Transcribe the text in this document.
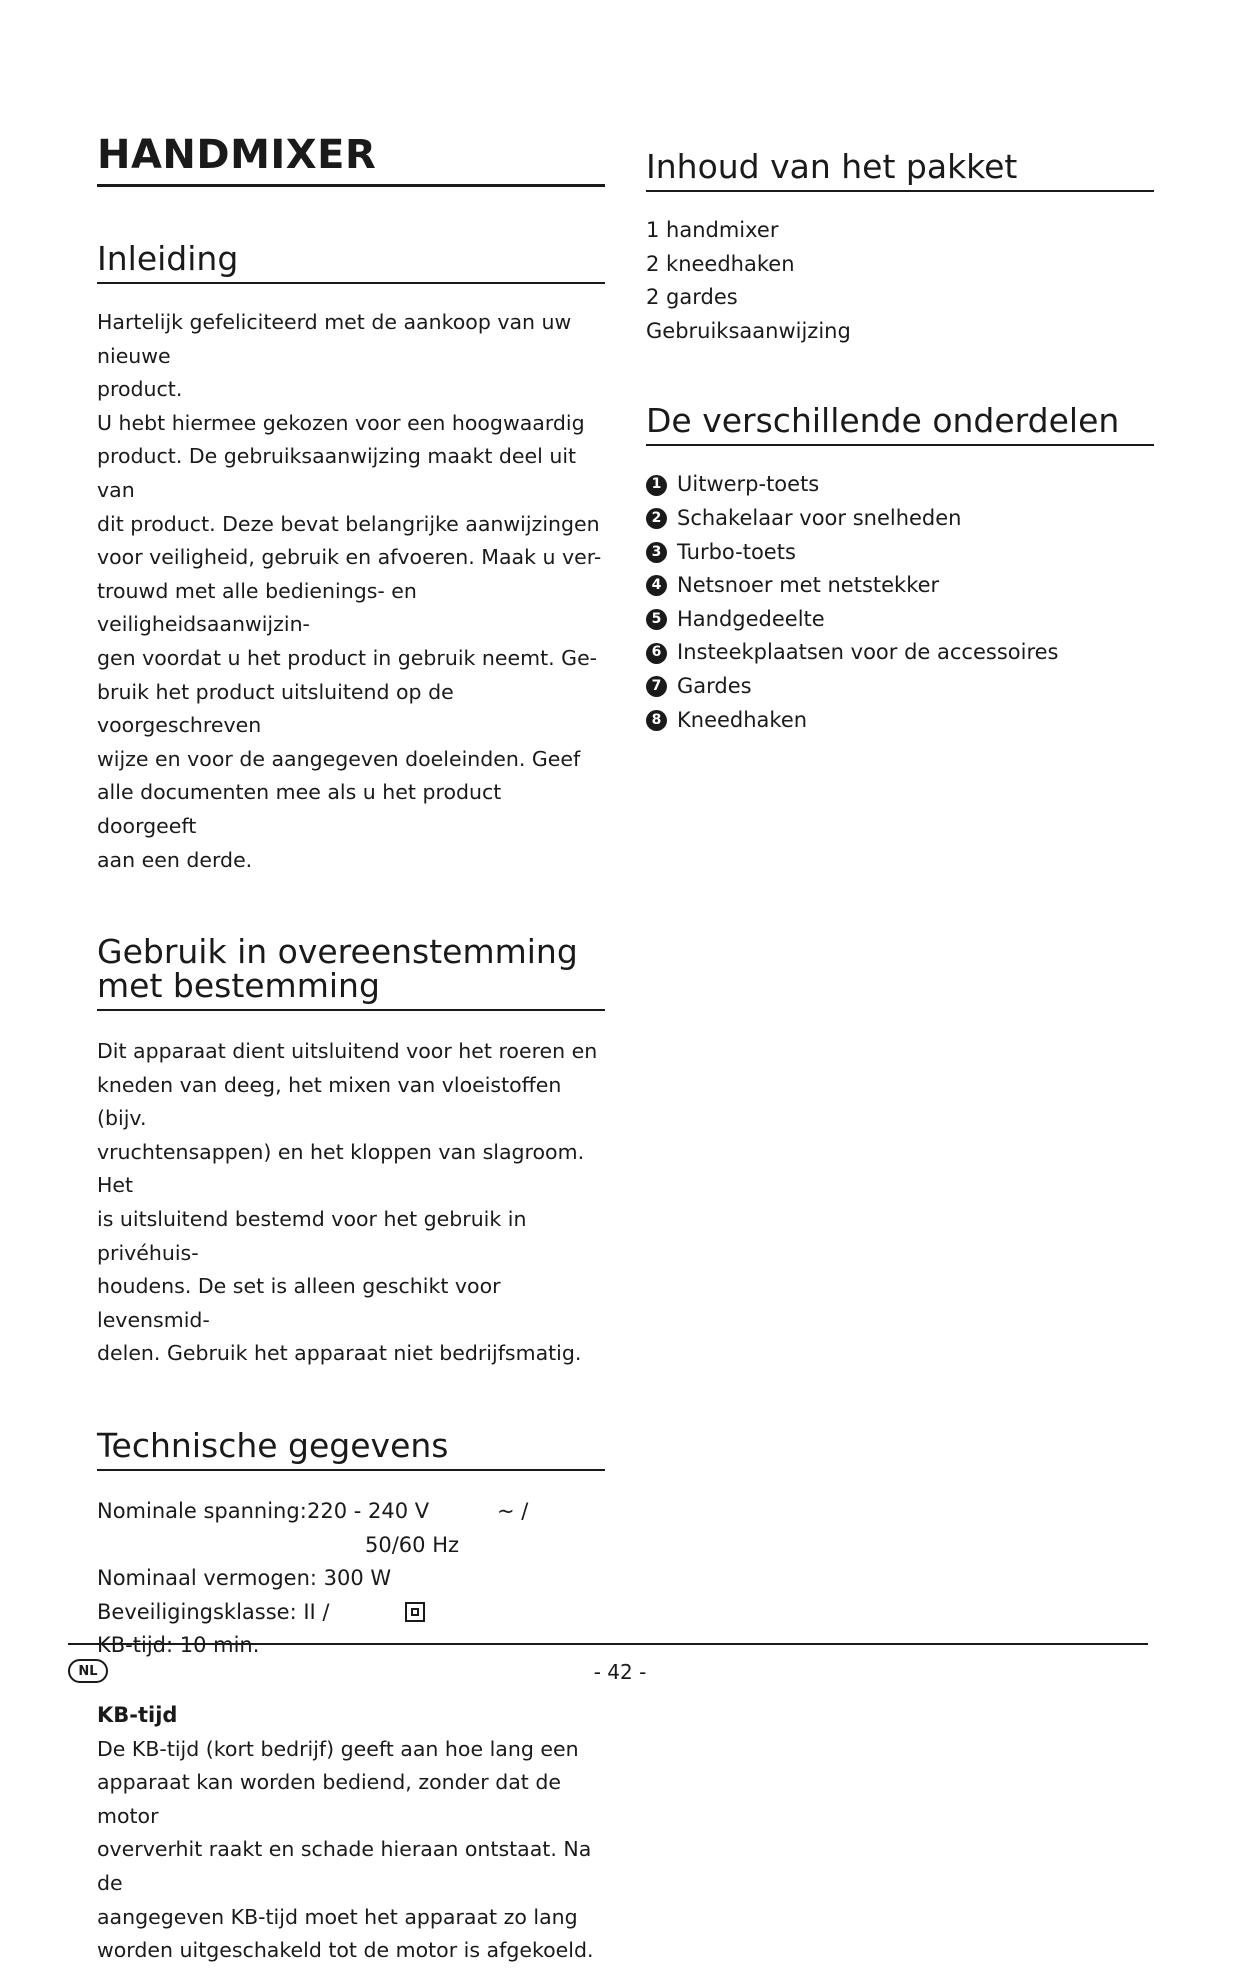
HANDMIXER
Inleiding

Hartelijk gefeliciteerd met de aankoop van uw nieuwe

product.

U hebt hiermee gekozen voor een hoogwaardig

product. De gebruiksaanwijzing maakt deel uit van

dit product. Deze bevat belangrijke aanwijzingen

voor veiligheid, gebruik en afvoeren. Maak u ver-

trouwd met alle bedienings- en veiligheidsaanwijzin-

gen voordat u het product in gebruik neemt. Ge-

bruik het product uitsluitend op de voorgeschreven

wijze en voor de aangegeven doeleinden. Geef

alle documenten mee als u het product doorgeeft

aan een derde.

Gebruik in overeenstemming
met bestemming

Dit apparaat dient uitsluitend voor het roeren en

kneden van deeg, het mixen van vloeistoffen (bijv.

vruchtensappen) en het kloppen van slagroom. Het

is uitsluitend bestemd voor het gebruik in privéhuis-

houdens. De set is alleen geschikt voor levensmid-

delen. Gebruik het apparaat niet bedrijfsmatig.

Technische gegevens
Nominale spanning: 220 - 240 V	~ /
50/60 Hz
Nominaal vermogen: 300 W
Beveiligingsklasse: II /
KB-tijd: 10 min.
KB-tijd

De KB-tijd (kort bedrijf) geeft aan hoe lang een

apparaat kan worden bediend, zonder dat de motor

oververhit raakt en schade hieraan ontstaat. Na de

aangegeven KB-tijd moet het apparaat zo lang

worden uitgeschakeld tot de motor is afgekoeld.

Inhoud van het pakket
1 handmixer
2 kneedhaken
2 gardes
Gebruiksaanwijzing
De verschillende onderdelen
1 Uitwerp-toets
2 Schakelaar voor snelheden
3 Turbo-toets
4 Netsnoer met netstekker
5 Handgedeelte
6 Insteekplaatsen voor de accessoires
7 Gardes
8 Kneedhaken
NL	- 42 -
